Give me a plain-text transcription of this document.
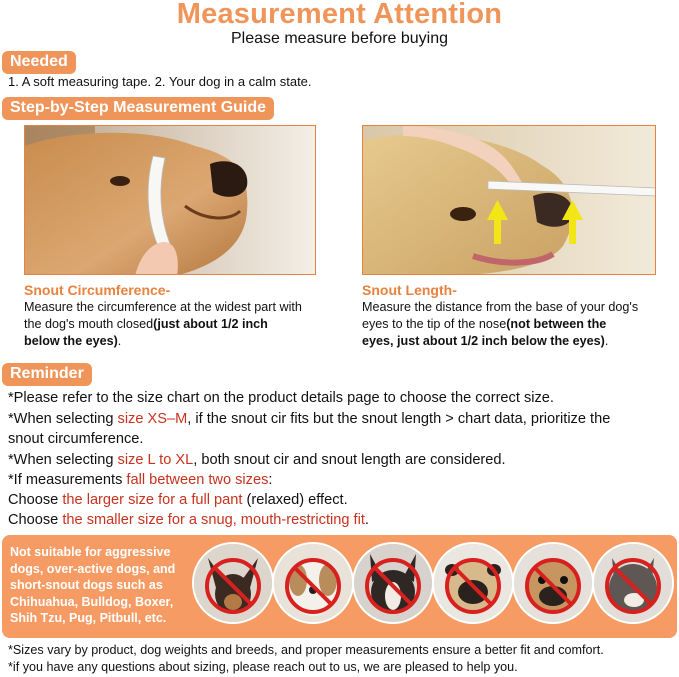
Measurement Attention
Please measure before buying
Needed
1. A soft measuring tape. 2. Your dog in a calm state.
Step-by-Step Measurement Guide
Snout Circumference-
Measure the circumference at the widest part with
the dog's mouth closed(just about 1/2 inch
below the eyes).
Snout Length-
Measure the distance from the base of your dog's
eyes to the tip of the nose(not between the
eyes, just about 1/2 inch below the eyes).
Reminder
*Please refer to the size chart on the product details page to choose the correct size.
*When selecting size XS–M, if the snout cir fits but the snout length > chart data, prioritize the
snout circumference.
*When selecting size L to XL, both snout cir and snout length are considered.
*If measurements fall between two sizes:
Choose the larger size for a full pant (relaxed) effect.
Choose the smaller size for a snug, mouth-restricting fit.
Not suitable for aggressive
dogs, over-active dogs, and
short-snout dogs such as
Chihuahua, Bulldog, Boxer,
Shih Tzu, Pug, Pitbull, etc.
*Sizes vary by product, dog weights and breeds, and proper measurements ensure a better fit and comfort.
*if you have any questions about sizing, please reach out to us, we are pleased to help you.
